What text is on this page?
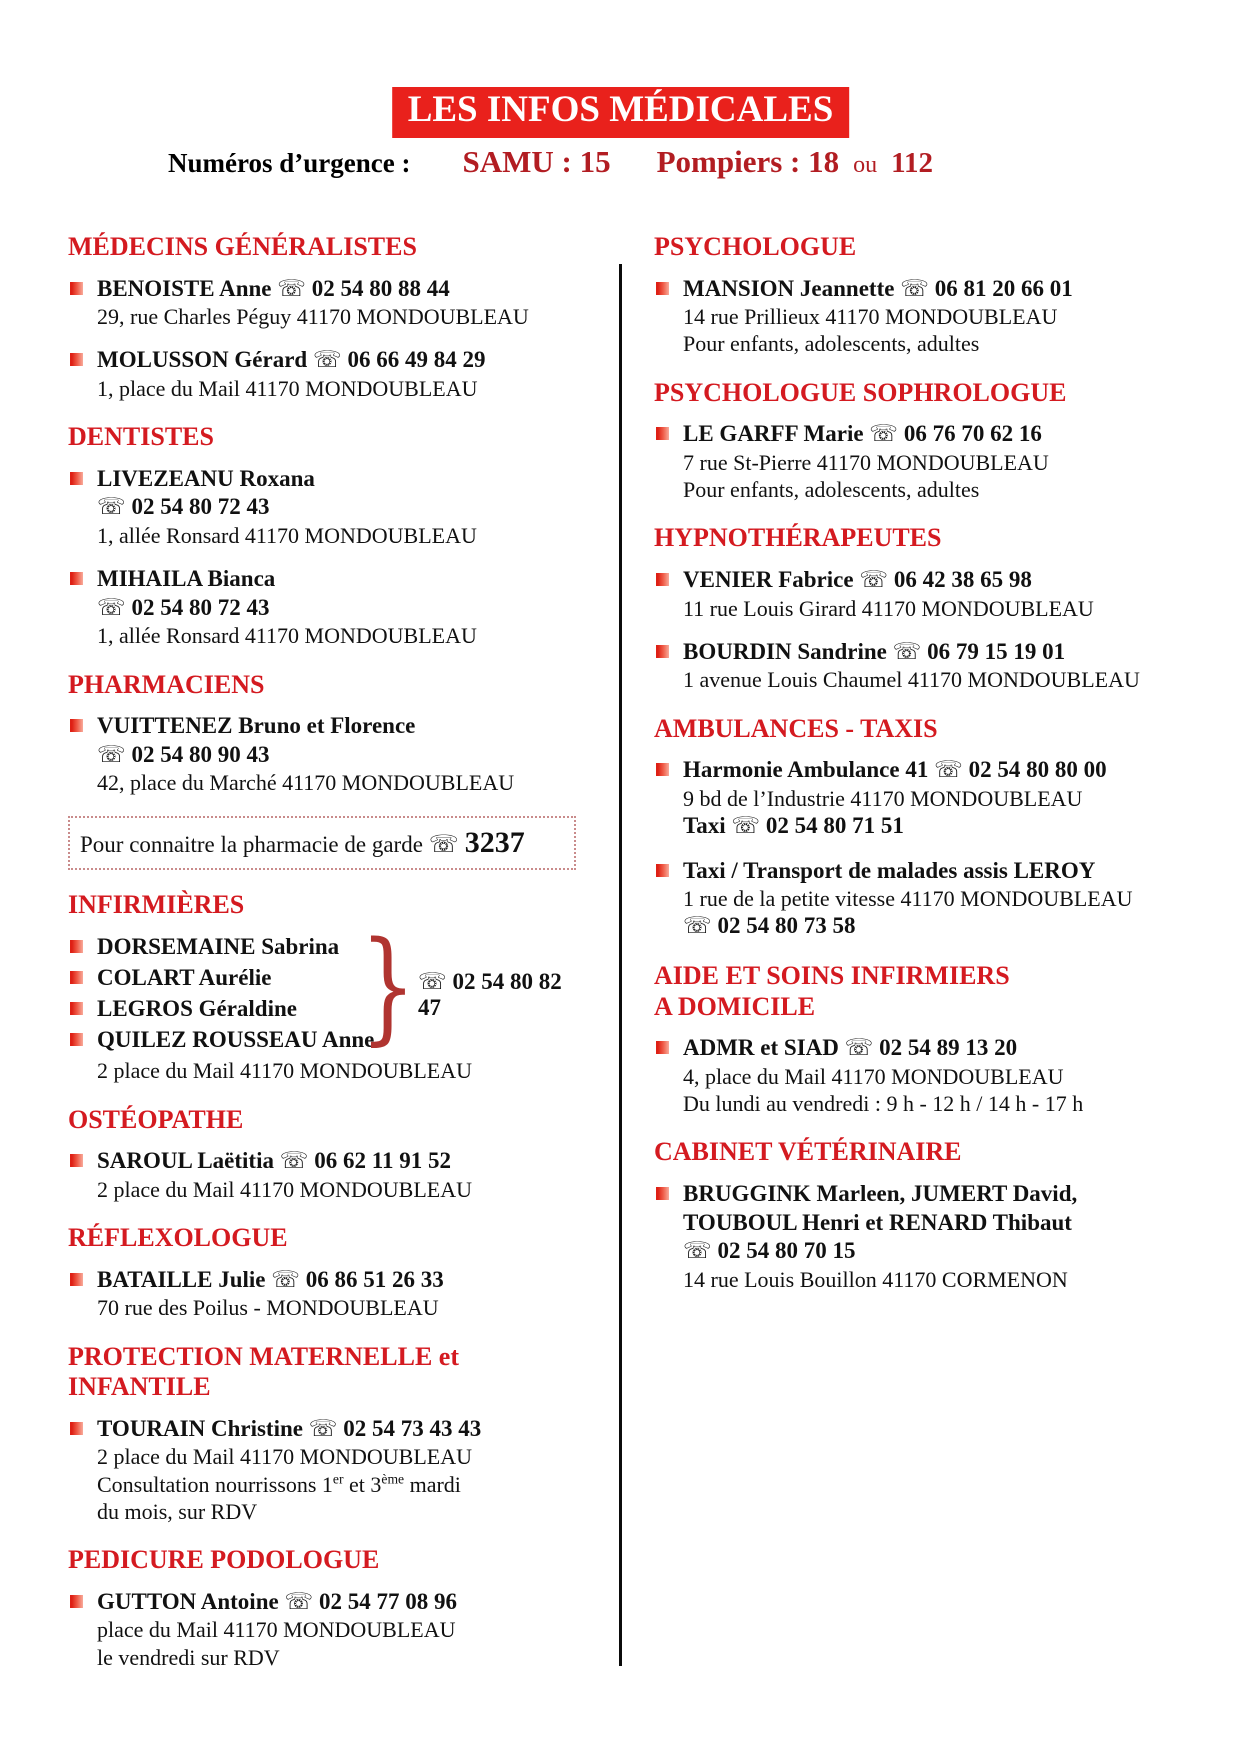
LES INFOS MÉDICALES
Numéros d’urgence : SAMU : 15 Pompiers : 18 ou 112
MÉDECINS GÉNÉRALISTES
BENOISTE Anne ☏ 02 54 80 88 44
29, rue Charles Péguy 41170 MONDOUBLEAU
MOLUSSON Gérard ☏ 06 66 49 84 29
1, place du Mail 41170 MONDOUBLEAU
DENTISTES
LIVEZEANU Roxana
☏ 02 54 80 72 43
1, allée Ronsard 41170 MONDOUBLEAU
MIHAILA Bianca
☏ 02 54 80 72 43
1, allée Ronsard 41170 MONDOUBLEAU
PHARMACIENS
VUITTENEZ Bruno et Florence
☏ 02 54 80 90 43
42, place du Marché 41170 MONDOUBLEAU
Pour connaitre la pharmacie de garde ☏ 3237
INFIRMIÈRES
DORSEMAINE Sabrina
COLART Aurélie
LEGROS Géraldine
QUILEZ ROUSSEAU Anne
} ☏ 02 54 80 82 47
2 place du Mail 41170 MONDOUBLEAU
OSTÉOPATHE
SAROUL Laëtitia ☏ 06 62 11 91 52
2 place du Mail 41170 MONDOUBLEAU
RÉFLEXOLOGUE
BATAILLE Julie ☏ 06 86 51 26 33
70 rue des Poilus - MONDOUBLEAU
PROTECTION MATERNELLE et INFANTILE
TOURAIN Christine ☏ 02 54 73 43 43
2 place du Mail 41170 MONDOUBLEAU
Consultation nourrissons 1er et 3ème mardi
du mois, sur RDV
PEDICURE PODOLOGUE
GUTTON Antoine ☏ 02 54 77 08 96
place du Mail 41170 MONDOUBLEAU
le vendredi sur RDV
PSYCHOLOGUE
MANSION Jeannette ☏ 06 81 20 66 01
14 rue Prillieux 41170 MONDOUBLEAU
Pour enfants, adolescents, adultes
PSYCHOLOGUE SOPHROLOGUE
LE GARFF Marie ☏ 06 76 70 62 16
7 rue St-Pierre 41170 MONDOUBLEAU
Pour enfants, adolescents, adultes
HYPNOTHÉRAPEUTES
VENIER Fabrice ☏ 06 42 38 65 98
11 rue Louis Girard 41170 MONDOUBLEAU
BOURDIN Sandrine ☏ 06 79 15 19 01
1 avenue Louis Chaumel 41170 MONDOUBLEAU
AMBULANCES - TAXIS
Harmonie Ambulance 41 ☏ 02 54 80 80 00
9 bd de l’Industrie 41170 MONDOUBLEAU
Taxi ☏ 02 54 80 71 51
Taxi / Transport de malades assis LEROY
1 rue de la petite vitesse 41170 MONDOUBLEAU
☏ 02 54 80 73 58
AIDE ET SOINS INFIRMIERS
A DOMICILE
ADMR et SIAD ☏ 02 54 89 13 20
4, place du Mail 41170 MONDOUBLEAU
Du lundi au vendredi : 9 h - 12 h / 14 h - 17 h
CABINET VÉTÉRINAIRE
BRUGGINK Marleen, JUMERT David,
TOUBOUL Henri et RENARD Thibaut
☏ 02 54 80 70 15
14 rue Louis Bouillon 41170 CORMENON
